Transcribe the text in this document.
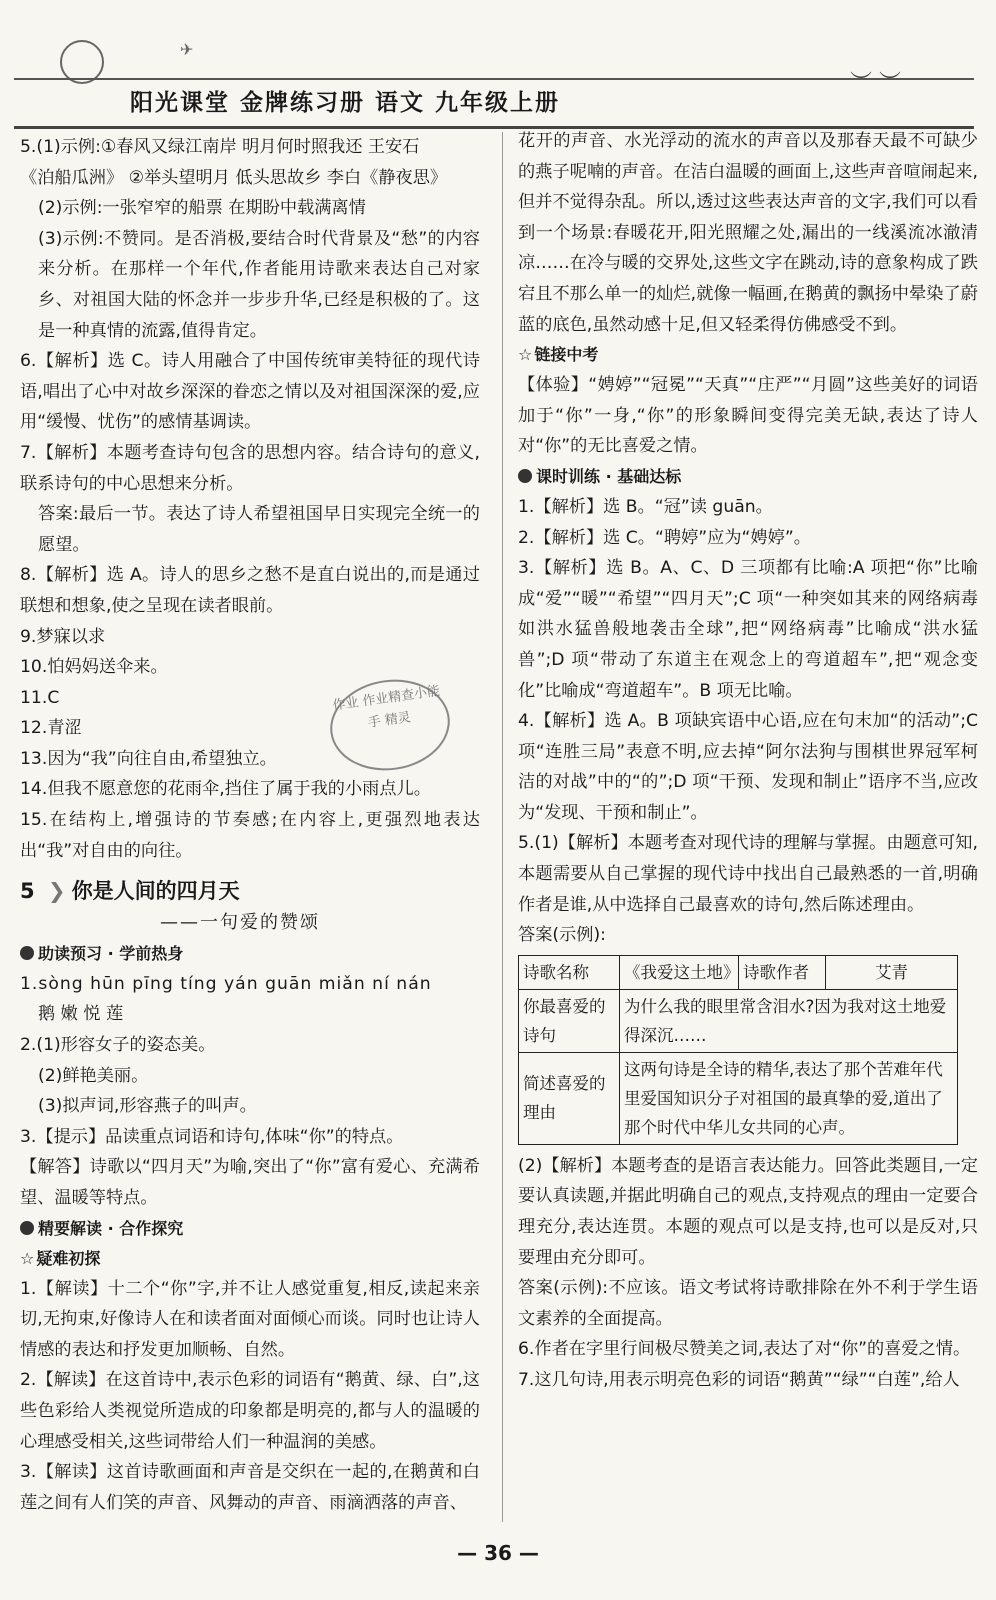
✈
阳光课堂 金牌练习册 语文 九年级上册
︶ ︶

5.(1)示例:①春风又绿江南岸 明月何时照我还 王安石

《泊船瓜洲》 ②举头望明月 低头思故乡 李白《静夜思》

(2)示例:一张窄窄的船票 在期盼中载满离情

(3)示例:不赞同。是否消极,要结合时代背景及“愁”的内容来分析。在那样一个年代,作者能用诗歌来表达自己对家乡、对祖国大陆的怀念并一步步升华,已经是积极的了。这是一种真情的流露,值得肯定。

6.【解析】选 C。诗人用融合了中国传统审美特征的现代诗语,唱出了心中对故乡深深的眷恋之情以及对祖国深深的爱,应用“缓慢、忧伤”的感情基调读。

7.【解析】本题考查诗句包含的思想内容。结合诗句的意义,联系诗句的中心思想来分析。

答案:最后一节。表达了诗人希望祖国早日实现完全统一的愿望。

8.【解析】选 A。诗人的思乡之愁不是直白说出的,而是通过联想和想象,使之呈现在读者眼前。

9.梦寐以求

10.怕妈妈送伞来。

11.C

12.青涩

13.因为“我”向往自由,希望独立。

14.但我不愿意您的花雨伞,挡住了属于我的小雨点儿。

15.在结构上,增强诗的节奏感;在内容上,更强烈地表达出“我”对自由的向往。

5 ❯ 你是人间的四月天
——一句爱的赞颂
助读预习 · 学前热身

1.sòng hūn pīng tíng yán guān miǎn ní nán

鹅 嫩 悦 莲

2.(1)形容女子的姿态美。

(2)鲜艳美丽。

(3)拟声词,形容燕子的叫声。

3.【提示】品读重点词语和诗句,体味“你”的特点。

【解答】诗歌以“四月天”为喻,突出了“你”富有爱心、充满希望、温暖等特点。

精要解读 · 合作探究
☆ 疑难初探

1.【解读】十二个“你”字,并不让人感觉重复,相反,读起来亲切,无拘束,好像诗人在和读者面对面倾心而谈。同时也让诗人情感的表达和抒发更加顺畅、自然。

2.【解读】在这首诗中,表示色彩的词语有“鹅黄、绿、白”,这些色彩给人类视觉所造成的印象都是明亮的,都与人的温暖的心理感受相关,这些词带给人们一种温润的美感。

3.【解读】这首诗歌画面和声音是交织在一起的,在鹅黄和白莲之间有人们笑的声音、风舞动的声音、雨滴洒落的声音、

作业 作业精查小能手 精灵

花开的声音、水光浮动的流水的声音以及那春天最不可缺少的燕子呢喃的声音。在洁白温暖的画面上,这些声音喧闹起来,但并不觉得杂乱。所以,透过这些表达声音的文字,我们可以看到一个场景:春暖花开,阳光照耀之处,漏出的一线溪流冰澈清凉……在冷与暖的交界处,这些文字在跳动,诗的意象构成了跌宕且不那么单一的灿烂,就像一幅画,在鹅黄的飘扬中晕染了蔚蓝的底色,虽然动感十足,但又轻柔得仿佛感受不到。

☆ 链接中考

【体验】“娉婷”“冠冕”“天真”“庄严”“月圆”这些美好的词语加于“你”一身,“你”的形象瞬间变得完美无缺,表达了诗人对“你”的无比喜爱之情。

课时训练 · 基础达标

1.【解析】选 B。“冠”读 guān。

2.【解析】选 C。“聘婷”应为“娉婷”。

3.【解析】选 B。A、C、D 三项都有比喻:A 项把“你”比喻成“爱”“暖”“希望”“四月天”;C 项“一种突如其来的网络病毒如洪水猛兽般地袭击全球”,把“网络病毒”比喻成“洪水猛兽”;D 项“带动了东道主在观念上的弯道超车”,把“观念变化”比喻成“弯道超车”。B 项无比喻。

4.【解析】选 A。B 项缺宾语中心语,应在句末加“的活动”;C 项“连胜三局”表意不明,应去掉“阿尔法狗与围棋世界冠军柯洁的对战”中的“的”;D 项“干预、发现和制止”语序不当,应改为“发现、干预和制止”。

5.(1)【解析】本题考查对现代诗的理解与掌握。由题意可知,本题需要从自己掌握的现代诗中找出自己最熟悉的一首,明确作者是谁,从中选择自己最喜欢的诗句,然后陈述理由。

答案(示例):

诗歌名称	《我爱这土地》	诗歌作者	艾青
你最喜爱的诗句	为什么我的眼里常含泪水?因为我对这土地爱得深沉……		
简述喜爱的理由	这两句诗是全诗的精华,表达了那个苦难年代里爱国知识分子对祖国的最真挚的爱,道出了那个时代中华儿女共同的心声。		

(2)【解析】本题考查的是语言表达能力。回答此类题目,一定要认真读题,并据此明确自己的观点,支持观点的理由一定要合理充分,表达连贯。本题的观点可以是支持,也可以是反对,只要理由充分即可。

答案(示例):不应该。语文考试将诗歌排除在外不利于学生语文素养的全面提高。

6.作者在字里行间极尽赞美之词,表达了对“你”的喜爱之情。

7.这几句诗,用表示明亮色彩的词语“鹅黄”“绿”“白莲”,给人

— 36 —
